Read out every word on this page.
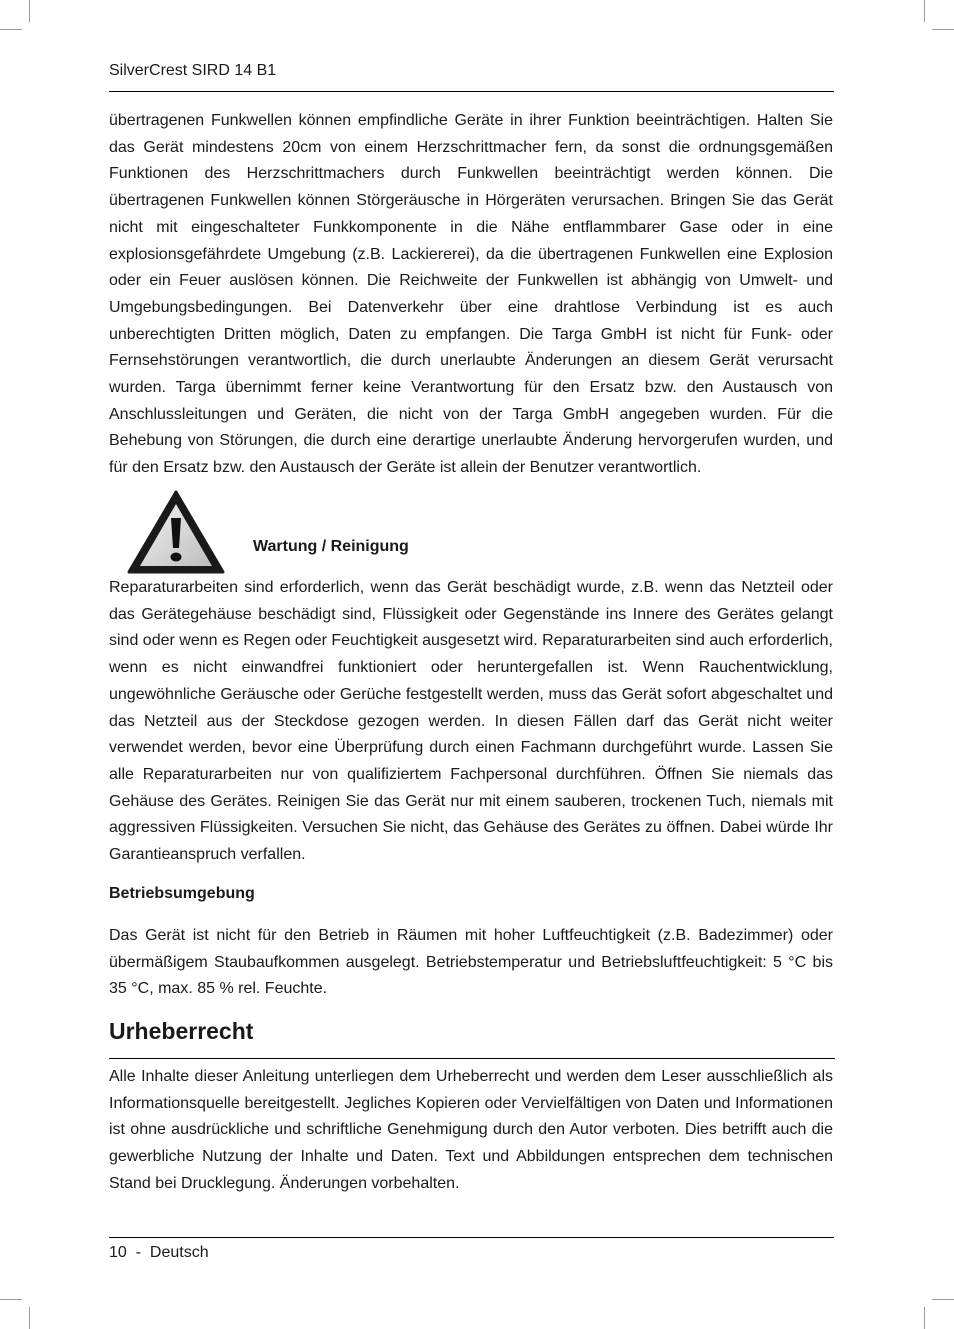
SilverCrest SIRD 14 B1

übertragenen Funkwellen können empfindliche Geräte in ihrer Funktion beeinträchtigen. Halten Sie das Gerät mindestens 20cm von einem Herzschrittmacher fern, da sonst die ordnungsgemäßen Funktionen des Herzschrittmachers durch Funkwellen beeinträchtigt werden können. Die übertragenen Funkwellen können Störgeräusche in Hörgeräten verursachen. Bringen Sie das Gerät nicht mit eingeschalteter Funkkomponente in die Nähe entflammbarer Gase oder in eine explosionsgefährdete Umgebung (z.B. Lackiererei), da die übertragenen Funkwellen eine Explosion oder ein Feuer auslösen können. Die Reichweite der Funkwellen ist abhängig von Umwelt- und Umgebungsbedingungen. Bei Datenverkehr über eine drahtlose Verbindung ist es auch unberechtigten Dritten möglich, Daten zu empfangen. Die Targa GmbH ist nicht für Funk- oder Fernsehstörungen verantwortlich, die durch unerlaubte Änderungen an diesem Gerät verursacht wurden. Targa übernimmt ferner keine Verantwortung für den Ersatz bzw. den Austausch von Anschlussleitungen und Geräten, die nicht von der Targa GmbH angegeben wurden. Für die Behebung von Störungen, die durch eine derartige unerlaubte Änderung hervorgerufen wurden, und für den Ersatz bzw. den Austausch der Geräte ist allein der Benutzer verantwortlich.

Wartung / Reinigung

Reparaturarbeiten sind erforderlich, wenn das Gerät beschädigt wurde, z.B. wenn das Netzteil oder das Gerätegehäuse beschädigt sind, Flüssigkeit oder Gegenstände ins Innere des Gerätes gelangt sind oder wenn es Regen oder Feuchtigkeit ausgesetzt wird. Reparaturarbeiten sind auch erforderlich, wenn es nicht einwandfrei funktioniert oder heruntergefallen ist. Wenn Rauchentwicklung, ungewöhnliche Geräusche oder Gerüche festgestellt werden, muss das Gerät sofort abgeschaltet und das Netzteil aus der Steckdose gezogen werden. In diesen Fällen darf das Gerät nicht weiter verwendet werden, bevor eine Überprüfung durch einen Fachmann durchgeführt wurde. Lassen Sie alle Reparaturarbeiten nur von qualifiziertem Fachpersonal durchführen. Öffnen Sie niemals das Gehäuse des Gerätes. Reinigen Sie das Gerät nur mit einem sauberen, trockenen Tuch, niemals mit aggressiven Flüssigkeiten. Versuchen Sie nicht, das Gehäuse des Gerätes zu öffnen. Dabei würde Ihr Garantieanspruch verfallen.

Betriebsumgebung

Das Gerät ist nicht für den Betrieb in Räumen mit hoher Luftfeuchtigkeit (z.B. Badezimmer) oder übermäßigem Staubaufkommen ausgelegt. Betriebstemperatur und Betriebsluftfeuchtigkeit: 5 °C bis 35 °C, max. 85 % rel. Feuchte.

Urheberrecht

Alle Inhalte dieser Anleitung unterliegen dem Urheberrecht und werden dem Leser ausschließlich als Informationsquelle bereitgestellt. Jegliches Kopieren oder Vervielfältigen von Daten und Informationen ist ohne ausdrückliche und schriftliche Genehmigung durch den Autor verboten. Dies betrifft auch die gewerbliche Nutzung der Inhalte und Daten. Text und Abbildungen entsprechen dem technischen Stand bei Drucklegung. Änderungen vorbehalten.

10  -  Deutsch
